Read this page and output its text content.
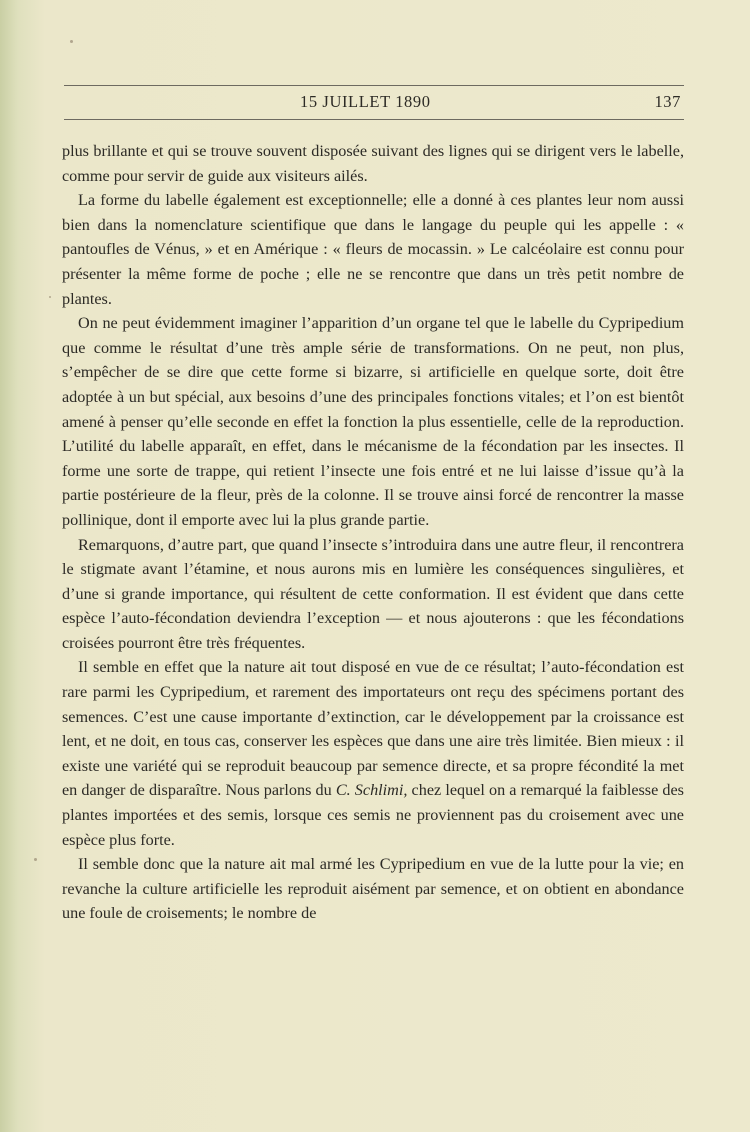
15 JUILLET 1890	137

plus brillante et qui se trouve souvent disposée suivant des lignes qui se dirigent vers le labelle, comme pour servir de guide aux visiteurs ailés.

La forme du labelle également est exceptionnelle; elle a donné à ces plantes leur nom aussi bien dans la nomenclature scientifique que dans le langage du peuple qui les appelle : « pantoufles de Vénus, » et en Amérique : « fleurs de mocassin. » Le calcéolaire est connu pour présenter la même forme de poche ; elle ne se rencontre que dans un très petit nombre de plantes.

On ne peut évidemment imaginer l’apparition d’un organe tel que le labelle du Cypripedium que comme le résultat d’une très ample série de transformations. On ne peut, non plus, s’empêcher de se dire que cette forme si bizarre, si artificielle en quelque sorte, doit être adoptée à un but spécial, aux besoins d’une des principales fonctions vitales; et l’on est bientôt amené à penser qu’elle seconde en effet la fonction la plus essentielle, celle de la reproduction. L’utilité du labelle apparaît, en effet, dans le mécanisme de la fécondation par les insectes. Il forme une sorte de trappe, qui retient l’insecte une fois entré et ne lui laisse d’issue qu’à la partie postérieure de la fleur, près de la colonne. Il se trouve ainsi forcé de rencontrer la masse pollinique, dont il emporte avec lui la plus grande partie.

Remarquons, d’autre part, que quand l’insecte s’introduira dans une autre fleur, il rencontrera le stigmate avant l’étamine, et nous aurons mis en lumière les conséquences singulières, et d’une si grande importance, qui résultent de cette conformation. Il est évident que dans cette espèce l’auto-fécondation deviendra l’exception — et nous ajouterons : que les fécondations croisées pourront être très fréquentes.

Il semble en effet que la nature ait tout disposé en vue de ce résultat; l’auto-fécondation est rare parmi les Cypripedium, et rarement des importateurs ont reçu des spécimens portant des semences. C’est une cause importante d’extinction, car le développement par la croissance est lent, et ne doit, en tous cas, conserver les espèces que dans une aire très limitée. Bien mieux : il existe une variété qui se reproduit beaucoup par semence directe, et sa propre fécondité la met en danger de disparaître. Nous parlons du C. Schlimi, chez lequel on a remarqué la faiblesse des plantes importées et des semis, lorsque ces semis ne proviennent pas du croisement avec une espèce plus forte.

Il semble donc que la nature ait mal armé les Cypripedium en vue de la lutte pour la vie; en revanche la culture artificielle les reproduit aisément par semence, et on obtient en abondance une foule de croisements; le nombre de
